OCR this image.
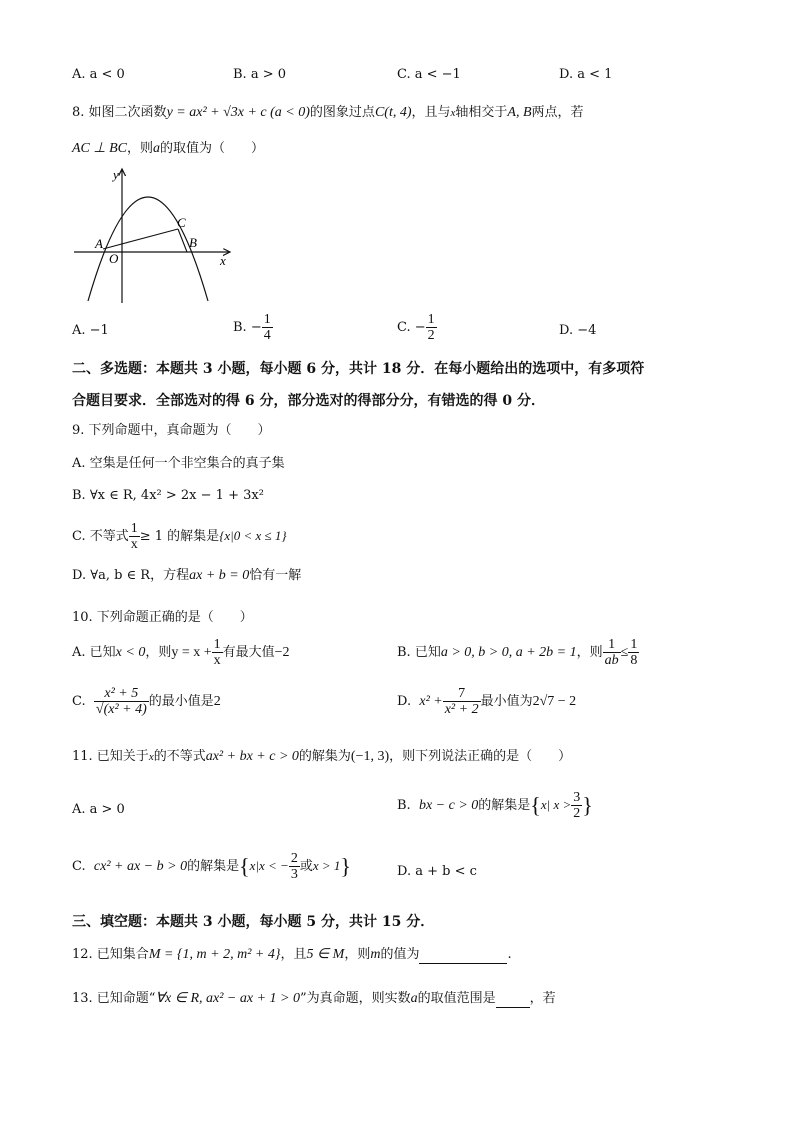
A. a < 0	B. a > 0	C. a < −1	D. a < 1
8. 如图二次函数y = ax² + √3x + c (a < 0)的图象过点C(t, 4)，且与x轴相交于A, B两点，若
AC ⊥ BC，则a的取值为（　　）
y
x
O
A	B
C
A. −1	B. − $\frac{1}{4}$	C. − $\frac{1}{2}$	D. −4
二、多选题：本题共 3 小题，每小题 6 分，共计 18 分．在每小题给出的选项中，有多项符
合题目要求．全部选对的得 6 分，部分选对的得部分分，有错选的得 0 分．
9. 下列命题中，真命题为（　　）
A. 空集是任何一个非空集合的真子集
B. ∀x ∈ R, 4x² > 2x − 1 + 3x²
C. 不等式 $\frac{1}{x} \ge 1$ 的解集是{x|0 < x ≤ 1}
D. ∀a, b ∈ R，方程ax + b = 0恰有一解
10. 下列命题正确的是（　　）
A. 已知x < 0，则$y = x + \frac{1}{x}$ 有最大值−2	B. 已知a > 0, b > 0, a + 2b = 1，则 $\frac{1}{ab} \le \frac{1}{8}$
C. $\frac{\text{x² + 5}}{\text{√(x² + 4)}}$ 的最小值是2	D. $x^2 + \frac{7}{\text{x² + 2}}$ 最小值为2√7 − 2
11. 已知关于x的不等式ax² + bx + c > 0的解集为(−1, 3)，则下列说法正确的是（　　）
A. a > 0	B. bx − c > 0的解集是{x| $x > \frac{3}{2}$ }
C. cx² + ax − b > 0的解集是{x|x < − $\frac{2}{3}$ 或x > 1}	D. a + b < c
三、填空题：本题共 3 小题，每小题 5 分，共计 15 分．
12. 已知集合M = {1, m + 2, m² + 4}，且5 ∈ M，则m的值为	.
13. 已知命题“∀x ∈ R, ax² − ax + 1 > 0”为真命题，则实数a的取值范围是	，若
